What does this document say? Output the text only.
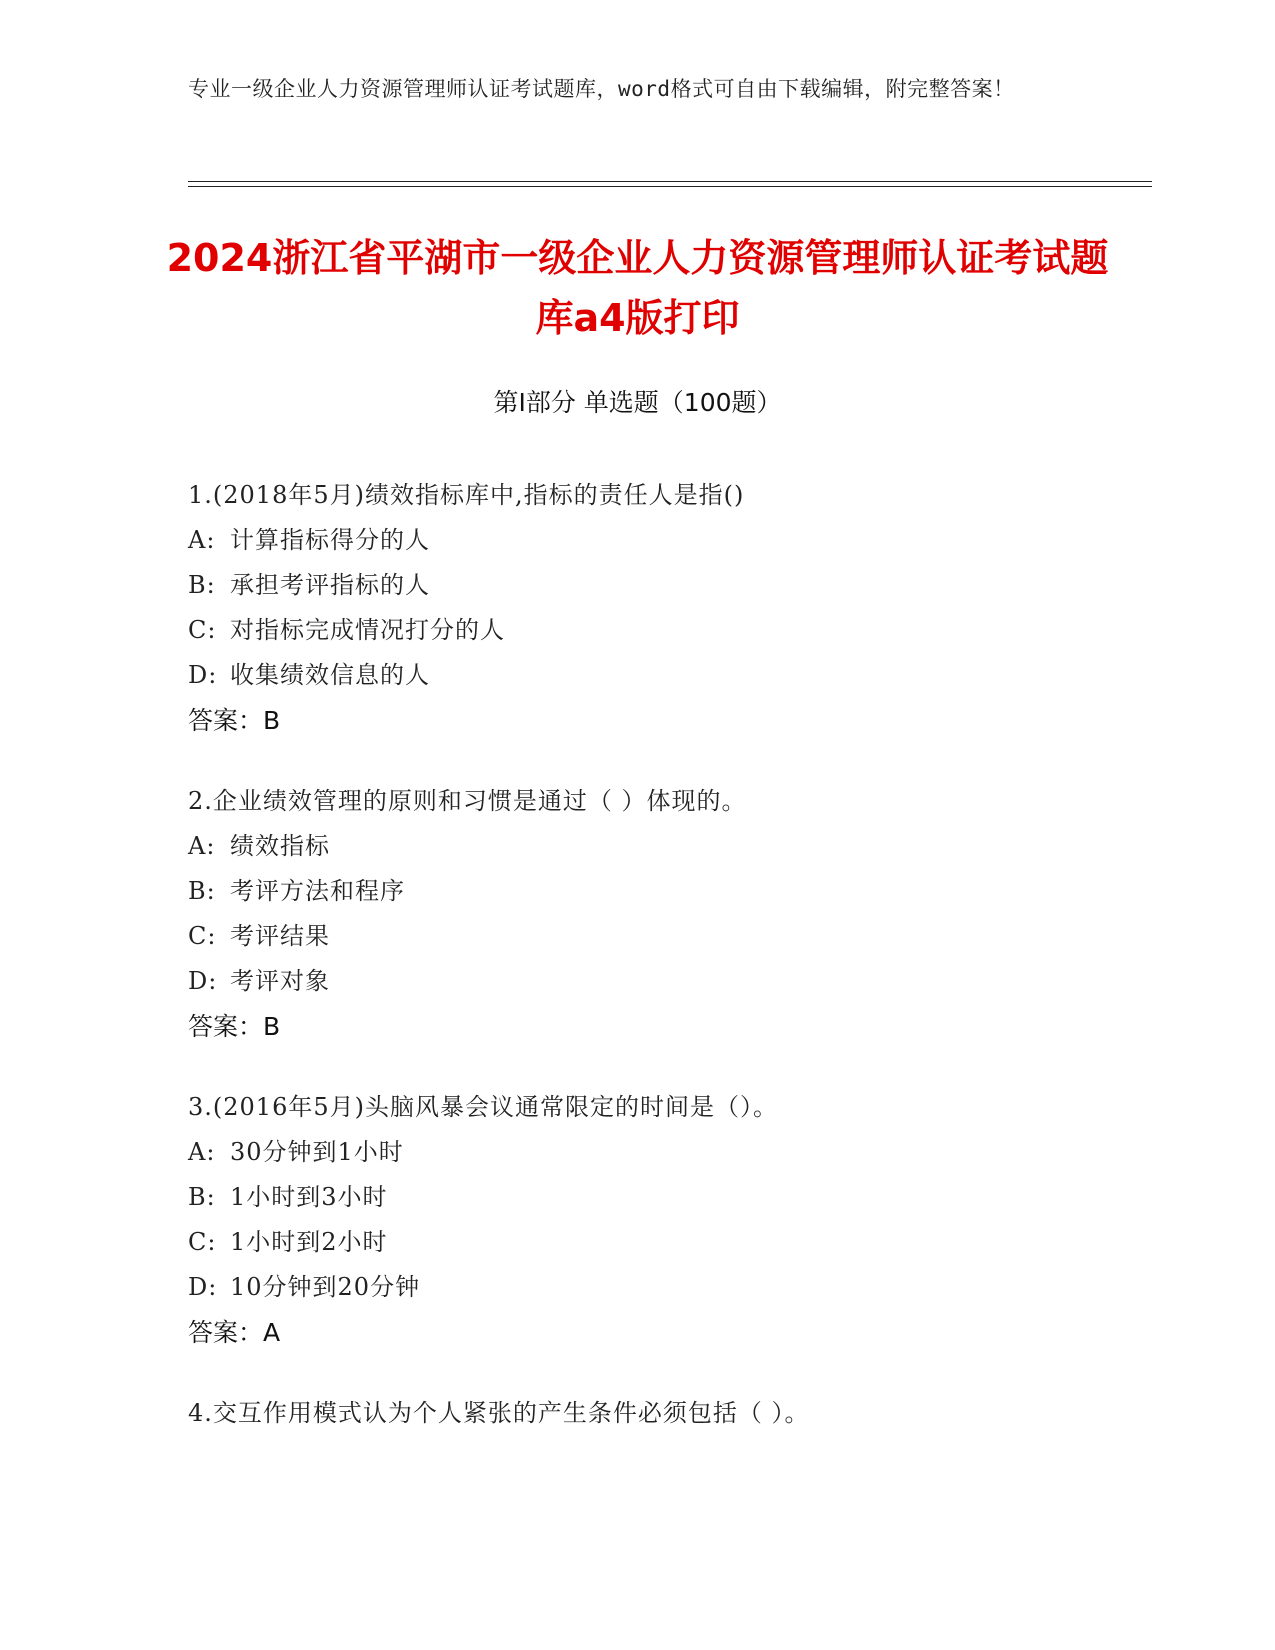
专业一级企业人力资源管理师认证考试题库，word格式可自由下载编辑，附完整答案！
2024浙江省平湖市一级企业人力资源管理师认证考试题库a4版打印
第I部分 单选题（100题）
1.(2018年5月)绩效指标库中,指标的责任人是指()
A: 计算指标得分的人
B: 承担考评指标的人
C: 对指标完成情况打分的人
D: 收集绩效信息的人
答案：B
2.企业绩效管理的原则和习惯是通过（ ）体现的。
A: 绩效指标
B: 考评方法和程序
C: 考评结果
D: 考评对象
答案：B
3.(2016年5月)头脑风暴会议通常限定的时间是（）。
A: 30分钟到1小时
B: 1小时到3小时
C: 1小时到2小时
D: 10分钟到20分钟
答案：A
4.交互作用模式认为个人紧张的产生条件必须包括（ ）。
